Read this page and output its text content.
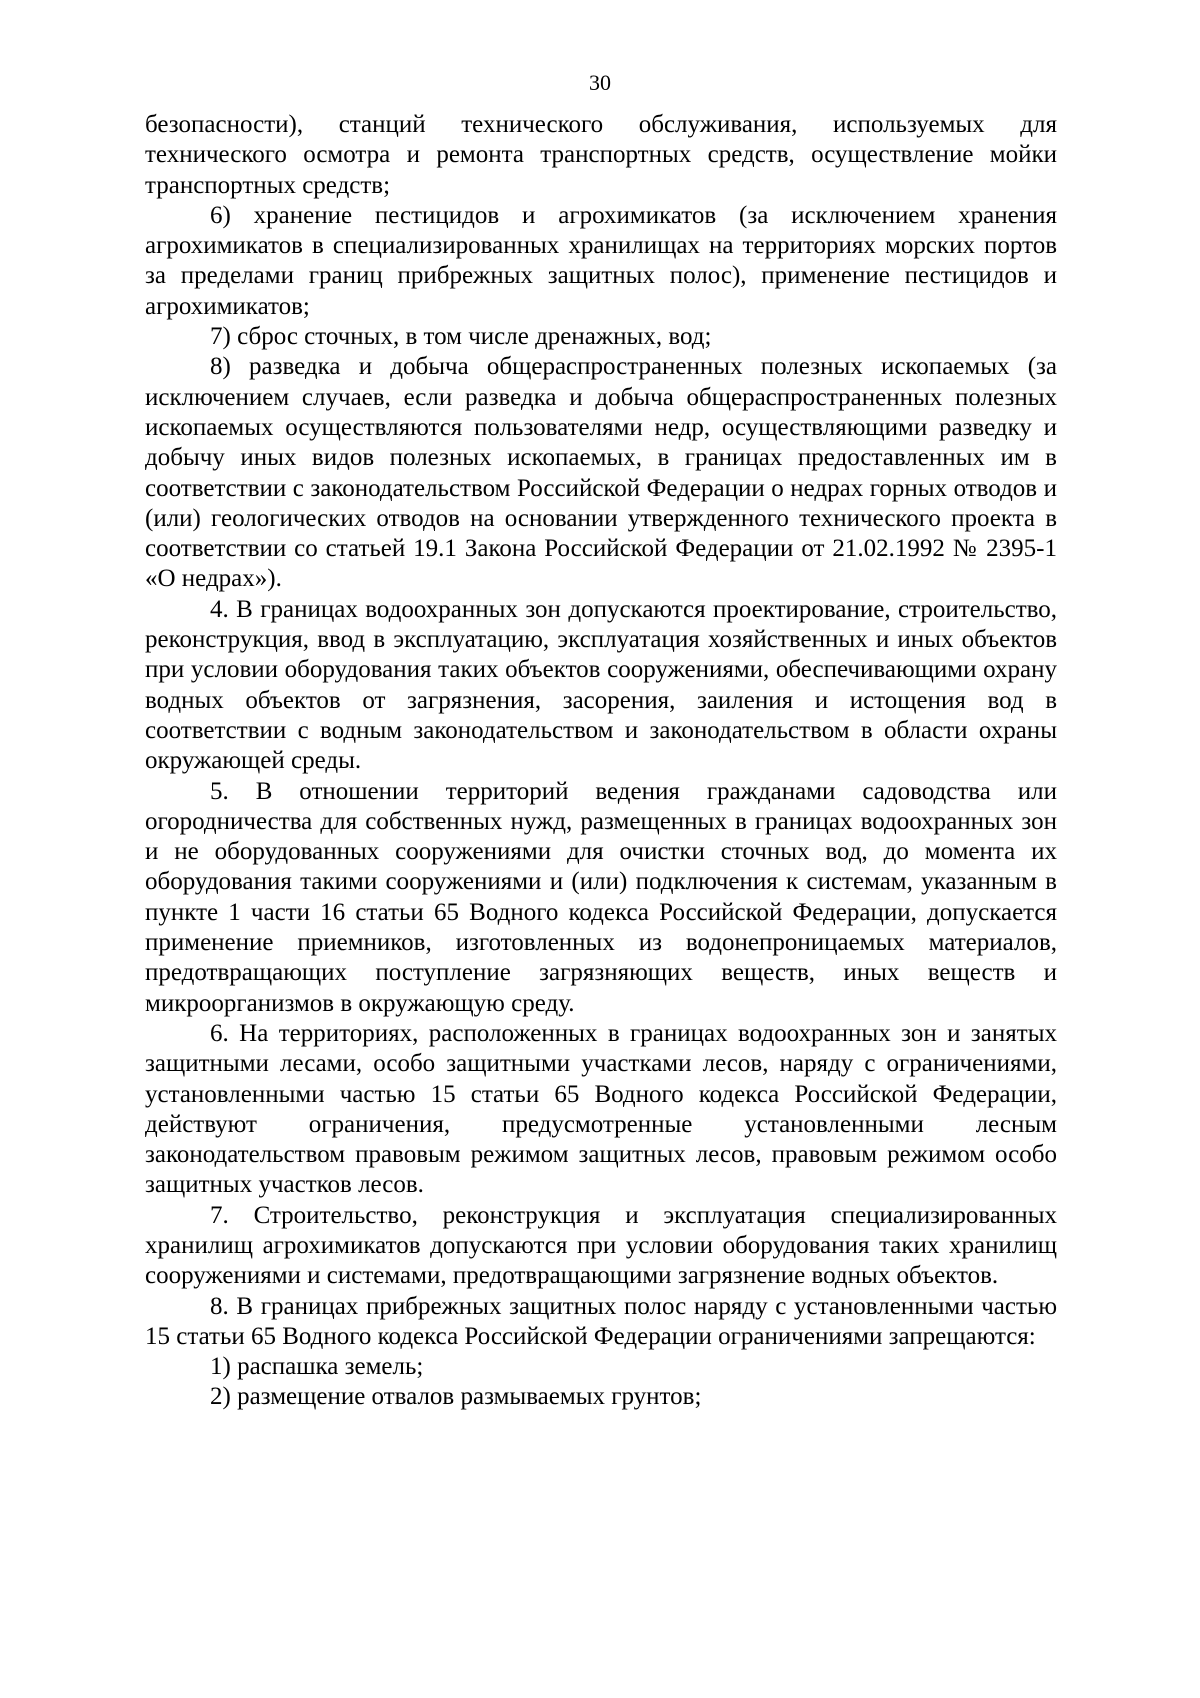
30

безопасности), станций технического обслуживания, используемых для технического осмотра и ремонта транспортных средств, осуществление мойки транспортных средств;

6) хранение пестицидов и агрохимикатов (за исключением хранения агрохимикатов в специализированных хранилищах на территориях морских портов за пределами границ прибрежных защитных полос), применение пестицидов и агрохимикатов;

7) сброс сточных, в том числе дренажных, вод;

8) разведка и добыча общераспространенных полезных ископаемых (за исключением случаев, если разведка и добыча общераспространенных полезных ископаемых осуществляются пользователями недр, осуществляющими разведку и добычу иных видов полезных ископаемых, в границах предоставленных им в соответствии с законодательством Российской Федерации о недрах горных отводов и (или) геологических отводов на основании утвержденного технического проекта в соответствии со статьей 19.1 Закона Российской Федерации от 21.02.1992 № 2395-1 «О недрах»).

4. В границах водоохранных зон допускаются проектирование, строительство, реконструкция, ввод в эксплуатацию, эксплуатация хозяйственных и иных объектов при условии оборудования таких объектов сооружениями, обеспечивающими охрану водных объектов от загрязнения, засорения, заиления и истощения вод в соответствии с водным законодательством и законодательством в области охраны окружающей среды.

5. В отношении территорий ведения гражданами садоводства или огородничества для собственных нужд, размещенных в границах водоохранных зон и не оборудованных сооружениями для очистки сточных вод, до момента их оборудования такими сооружениями и (или) подключения к системам, указанным в пункте 1 части 16 статьи 65 Водного кодекса Российской Федерации, допускается применение приемников, изготовленных из водонепроницаемых материалов, предотвращающих поступление загрязняющих веществ, иных веществ и микроорганизмов в окружающую среду.

6. На территориях, расположенных в границах водоохранных зон и занятых защитными лесами, особо защитными участками лесов, наряду с ограничениями, установленными частью 15 статьи 65 Водного кодекса Российской Федерации, действуют ограничения, предусмотренные установленными лесным законодательством правовым режимом защитных лесов, правовым режимом особо защитных участков лесов.

7. Строительство, реконструкция и эксплуатация специализированных хранилищ агрохимикатов допускаются при условии оборудования таких хранилищ сооружениями и системами, предотвращающими загрязнение водных объектов.

8. В границах прибрежных защитных полос наряду с установленными частью 15 статьи 65 Водного кодекса Российской Федерации ограничениями запрещаются:

1) распашка земель;

2) размещение отвалов размываемых грунтов;
